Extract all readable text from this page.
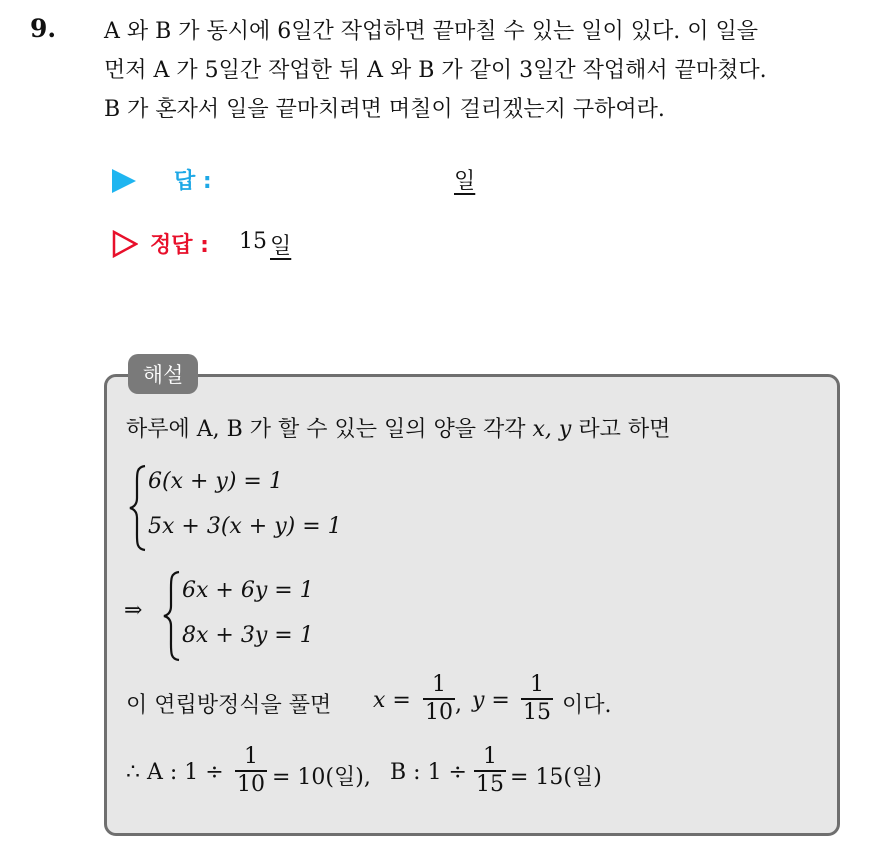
9. A 와 B 가 동시에 6일간 작업하면 끝마칠 수 있는 일이 있다. 이 일을
먼저 A 가 5일간 작업한 뒤 A 와 B 가 같이 3일간 작업해서 끝마쳤다.
B 가 혼자서 일을 끝마치려면 며칠이 걸리겠는지 구하여라.
답 :	일
정답 : 15 일
해설
하루에 A, B 가 할 수 있는 일의 양을 각각 x, y 라고 하면
6(x + y) = 1
5x + 3(x + y) = 1
⇒
6x + 6y = 1
8x + 3y = 1
이 연립방정식을 풀면 x =
1
10 , y =
1
15 이다.
∴ A : 1 ÷
1
10 = 10(일), B : 1 ÷
1
15 = 15(일)
